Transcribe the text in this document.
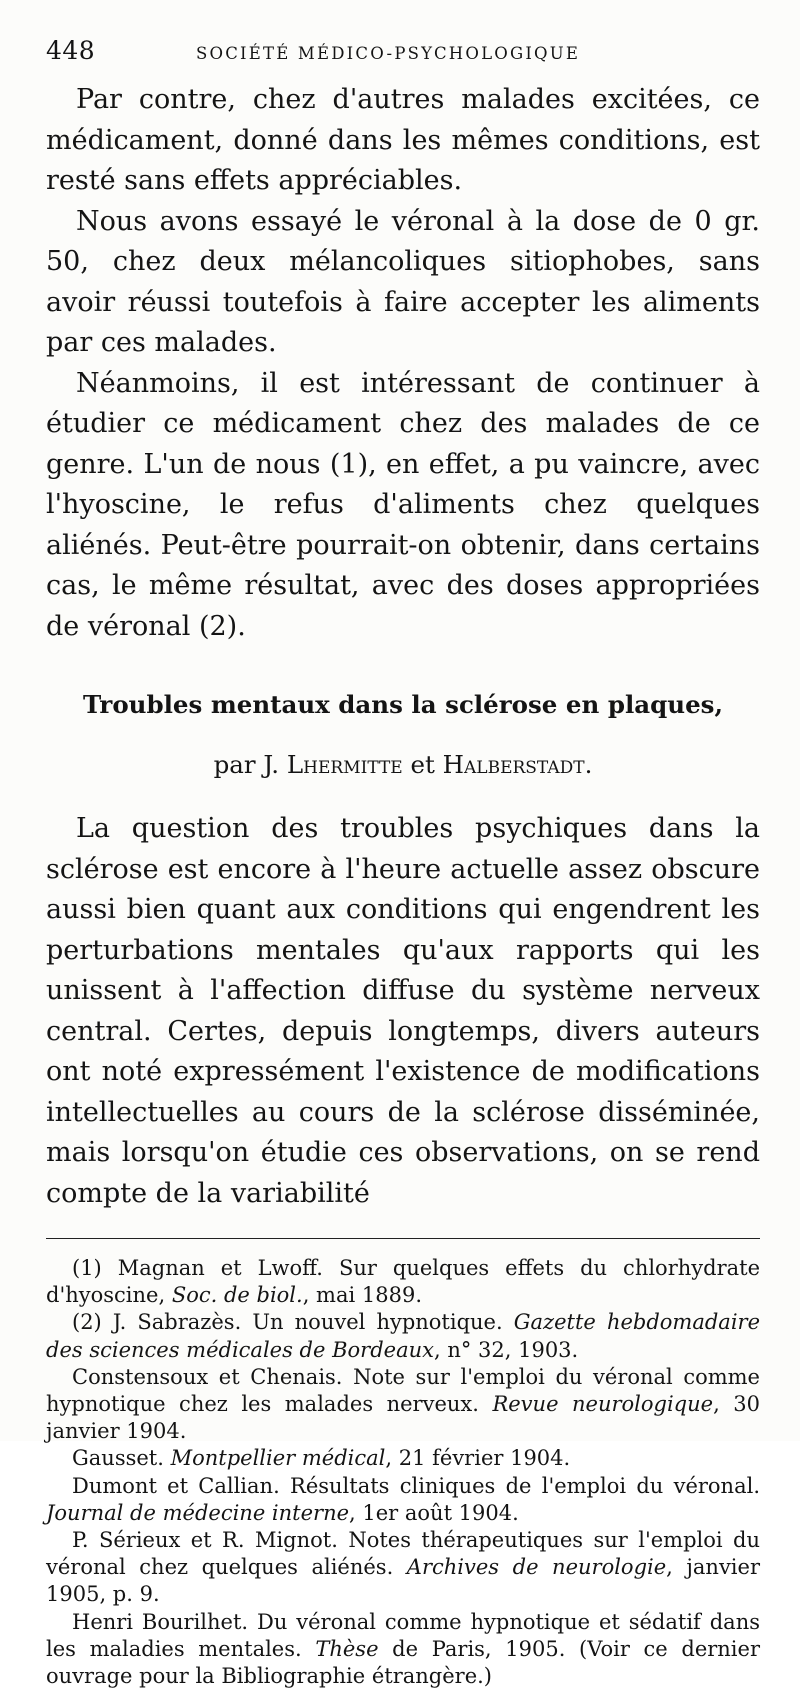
448	SOCIÉTÉ MÉDICO-PSYCHOLOGIQUE

Par contre, chez d'autres malades excitées, ce médicament, donné dans les mêmes conditions, est resté sans effets appréciables.

Nous avons essayé le véronal à la dose de 0 gr. 50, chez deux mélancoliques sitiophobes, sans avoir réussi toutefois à faire accepter les aliments par ces malades.

Néanmoins, il est intéressant de continuer à étudier ce médicament chez des malades de ce genre. L'un de nous (1), en effet, a pu vaincre, avec l'hyoscine, le refus d'aliments chez quelques aliénés. Peut-être pourrait-on obtenir, dans certains cas, le même résultat, avec des doses appropriées de véronal (2).

Troubles mentaux dans la sclérose en plaques,
par J. Lhermitte et Halberstadt.

La question des troubles psychiques dans la sclérose est encore à l'heure actuelle assez obscure aussi bien quant aux conditions qui engendrent les perturbations mentales qu'aux rapports qui les unissent à l'affection diffuse du système nerveux central. Certes, depuis longtemps, divers auteurs ont noté expressément l'existence de modifications intellectuelles au cours de la sclérose disséminée, mais lorsqu'on étudie ces observations, on se rend compte de la variabilité

(1) Magnan et Lwoff. Sur quelques effets du chlorhydrate d'hyoscine, Soc. de biol., mai 1889.

(2) J. Sabrazès. Un nouvel hypnotique. Gazette hebdomadaire des sciences médicales de Bordeaux, n° 32, 1903.

Constensoux et Chenais. Note sur l'emploi du véronal comme hypnotique chez les malades nerveux. Revue neurologique, 30 janvier 1904.

Gausset. Montpellier médical, 21 février 1904.

Dumont et Callian. Résultats cliniques de l'emploi du véronal. Journal de médecine interne, 1er août 1904.

P. Sérieux et R. Mignot. Notes thérapeutiques sur l'emploi du véronal chez quelques aliénés. Archives de neurologie, janvier 1905, p. 9.

Henri Bourilhet. Du véronal comme hypnotique et sédatif dans les maladies mentales. Thèse de Paris, 1905. (Voir ce dernier ouvrage pour la Bibliographie étrangère.)
